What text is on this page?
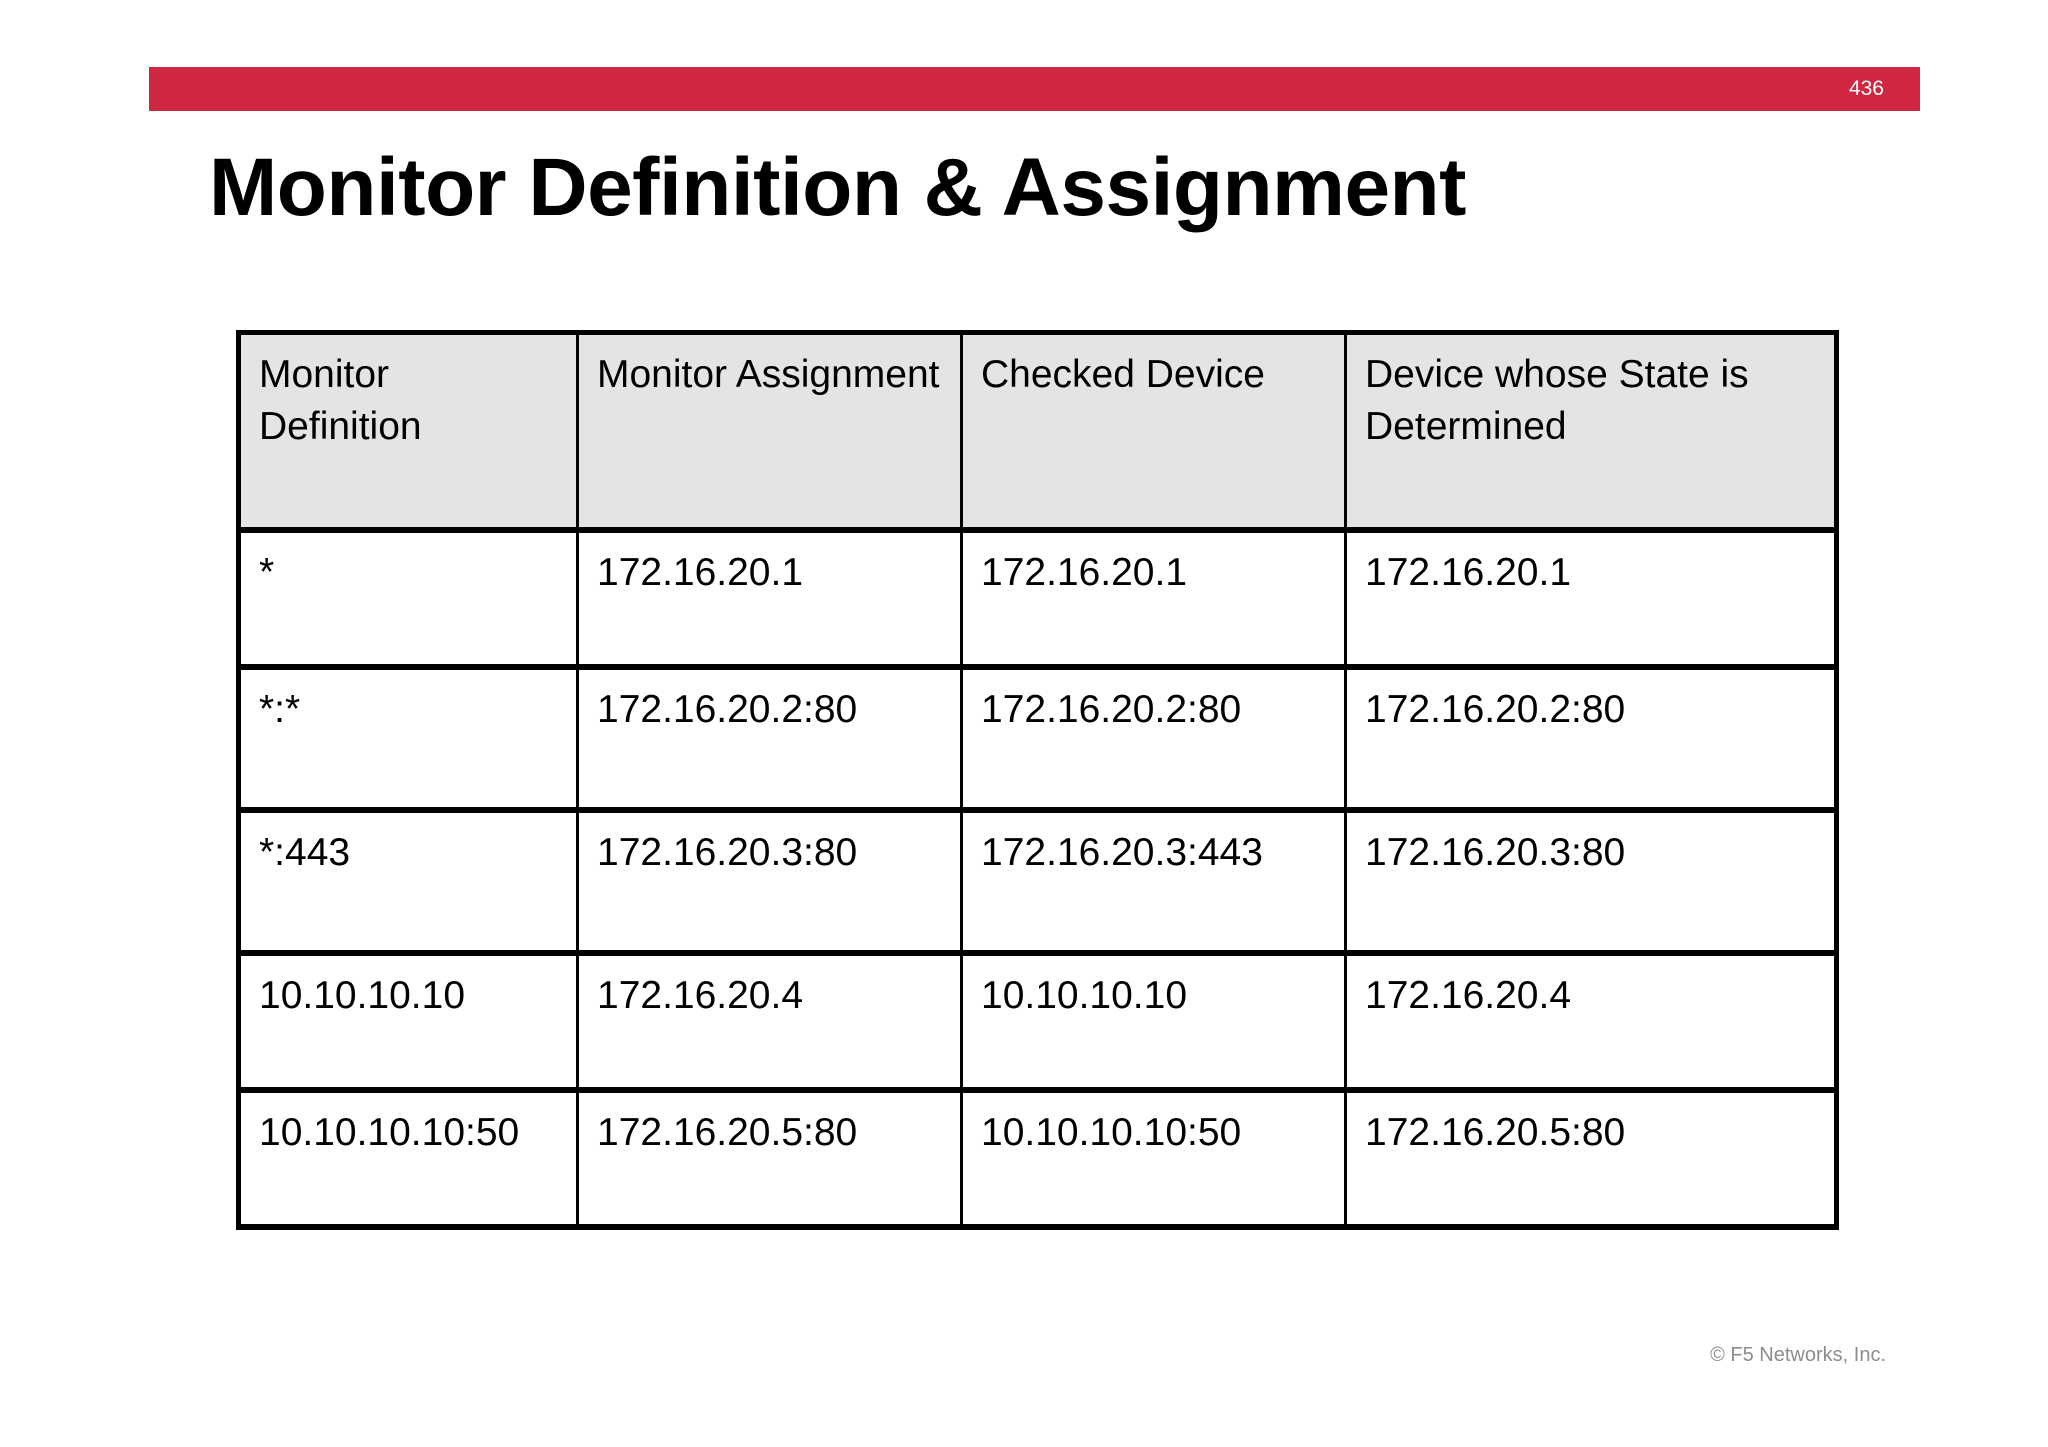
436
Monitor Definition & Assignment
Monitor Definition	Monitor Assignment	Checked Device	Device whose State is Determined
*	172.16.20.1	172.16.20.1	172.16.20.1
*:*	172.16.20.2:80	172.16.20.2:80	172.16.20.2:80
*:443	172.16.20.3:80	172.16.20.3:443	172.16.20.3:80
10.10.10.10	172.16.20.4	10.10.10.10	172.16.20.4
10.10.10.10:50	172.16.20.5:80	10.10.10.10:50	172.16.20.5:80
© F5 Networks, Inc.
